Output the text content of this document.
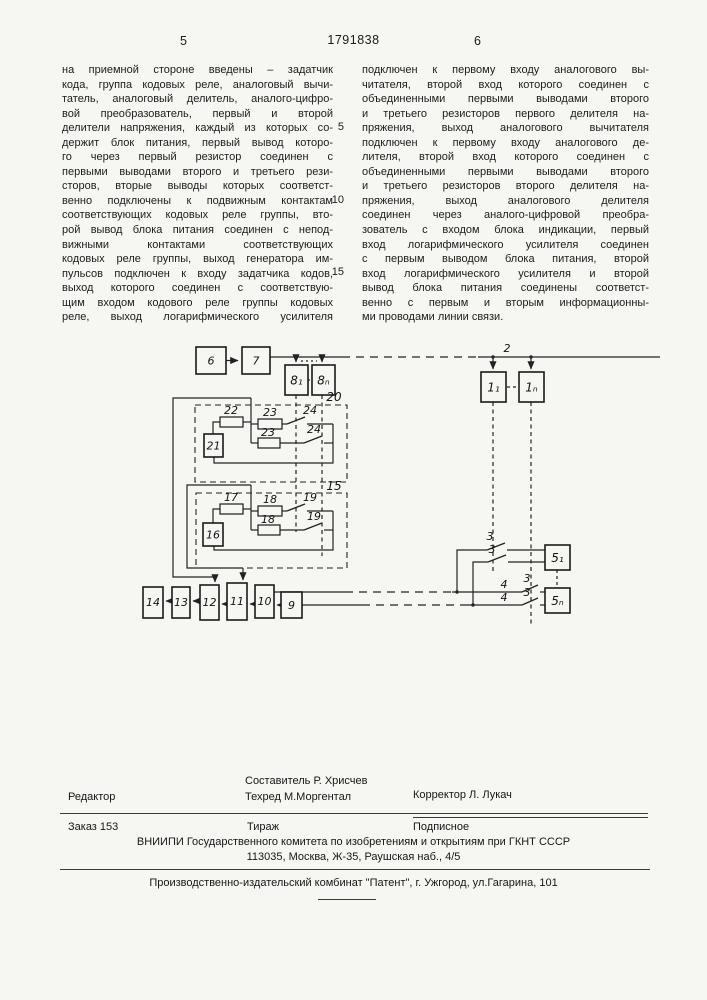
5	1791838	6
на приемной стороне введены – задатчик
кода, группа кодовых реле, аналоговый вычи-
татель, аналоговый делитель, аналого-цифро-
вой преобразователь, первый и второй
делители напряжения, каждый из которых со-
держит блок питания, первый вывод которо-
го через первый резистор соединен с
первыми выводами второго и третьего рези-
сторов, вторые выводы которых соответст-
венно подключены к подвижным контактам
соответствующих кодовых реле группы, вто-
рой вывод блока питания соединен с непод-
вижными контактами соответствующих
кодовых реле группы, выход генератора им-
пульсов подключен к входу задатчика кодов,
выход которого соединен с соответствую-
щим входом кодового реле группы кодовых
реле, выход логарифмического усилителя
5
10
15
подключен к первому входу аналогового вы-
читателя, второй вход которого соединен с
объединенными первыми выводами второго
и третьего резисторов первого делителя на-
пряжения, выход аналогового вычитателя
подключен к первому входу аналогового де-
лителя, второй вход которого соединен с
объединенными первыми выводами второго
и третьего резисторов второго делителя на-
пряжения, выход аналогового делителя
соединен через аналого-цифровой преобра-
зователь с входом блока индикации, первый
вход логарифмического усилителя соединен
с первым выводом блока питания, второй
вход логарифмического усилителя и второй
вывод блока питания соединены соответст-
венно с первым и вторым информационны-
ми проводами линии связи.
6	7
2
8₁ 8ₙ	1₁ 1ₙ
20
22 23 24
23	24
21
15
17 18 19
18	19
16
14 13 12 11 10 9
3
3
4 3
4 3
5₁
5ₙ
Составитель Р. Хрисчев
Редактор	Техред М.Моргентал	Корректор Л. Лукач
Заказ 153	Тираж	Подписное
ВНИИПИ Государственного комитета по изобретениям и открытиям при ГКНТ СССР
113035, Москва, Ж-35, Раушская наб., 4/5
Производственно-издательский комбинат "Патент", г. Ужгород, ул.Гагарина, 101
